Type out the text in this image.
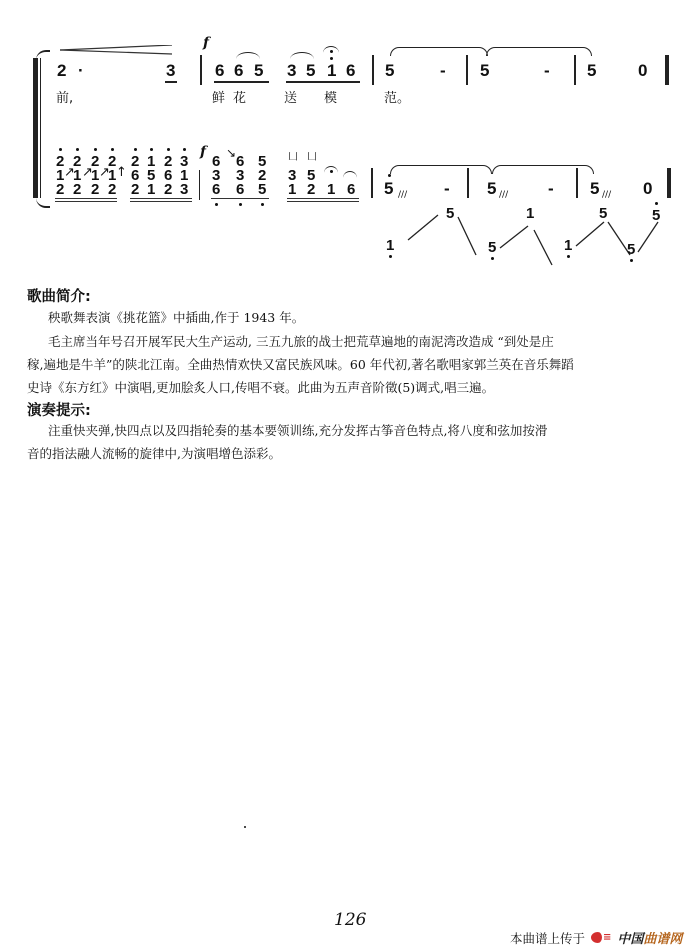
2 ·	3
f
6 6 5 3 5 1 6 5	- 5	- 5 0
前,	鲜 花	送 模	范。
2 2 2 2 2 1 2 3
1 1 1 1 6 5 6 1
↗ ↗ ↗ ↑
2 2 2 2 2 1 2 3
f
6 ↘ 6 5
3 3 2
6 6 5
凵 凵
3 5
1 2 1 6 5 /// - 5 /// - 5 /// 0
5
1
1
5
5	5
1	5
歌曲简介:
秧歌舞表演《挑花篮》中插曲,作于 1943 年。
毛主席当年号召开展军民大生产运动, 三五九旅的战士把荒草遍地的南泥湾改造成 “到处是庄
稼,遍地是牛羊”的陕北江南。全曲热情欢快又富民族风味。60 年代初,著名歌唱家郭兰英在音乐舞蹈
史诗《东方红》中演唱,更加脍炙人口,传唱不衰。此曲为五声音阶徵(5)调式,唱三遍。
演奏提示:
注重快夹弹,快四点以及四指轮奏的基本要领训练,充分发挥古筝音色特点,将八度和弦加按滑
音的指法融人流畅的旋律中,为演唱增色添彩。
126
本曲谱上传于 ≡ 中国曲谱网
